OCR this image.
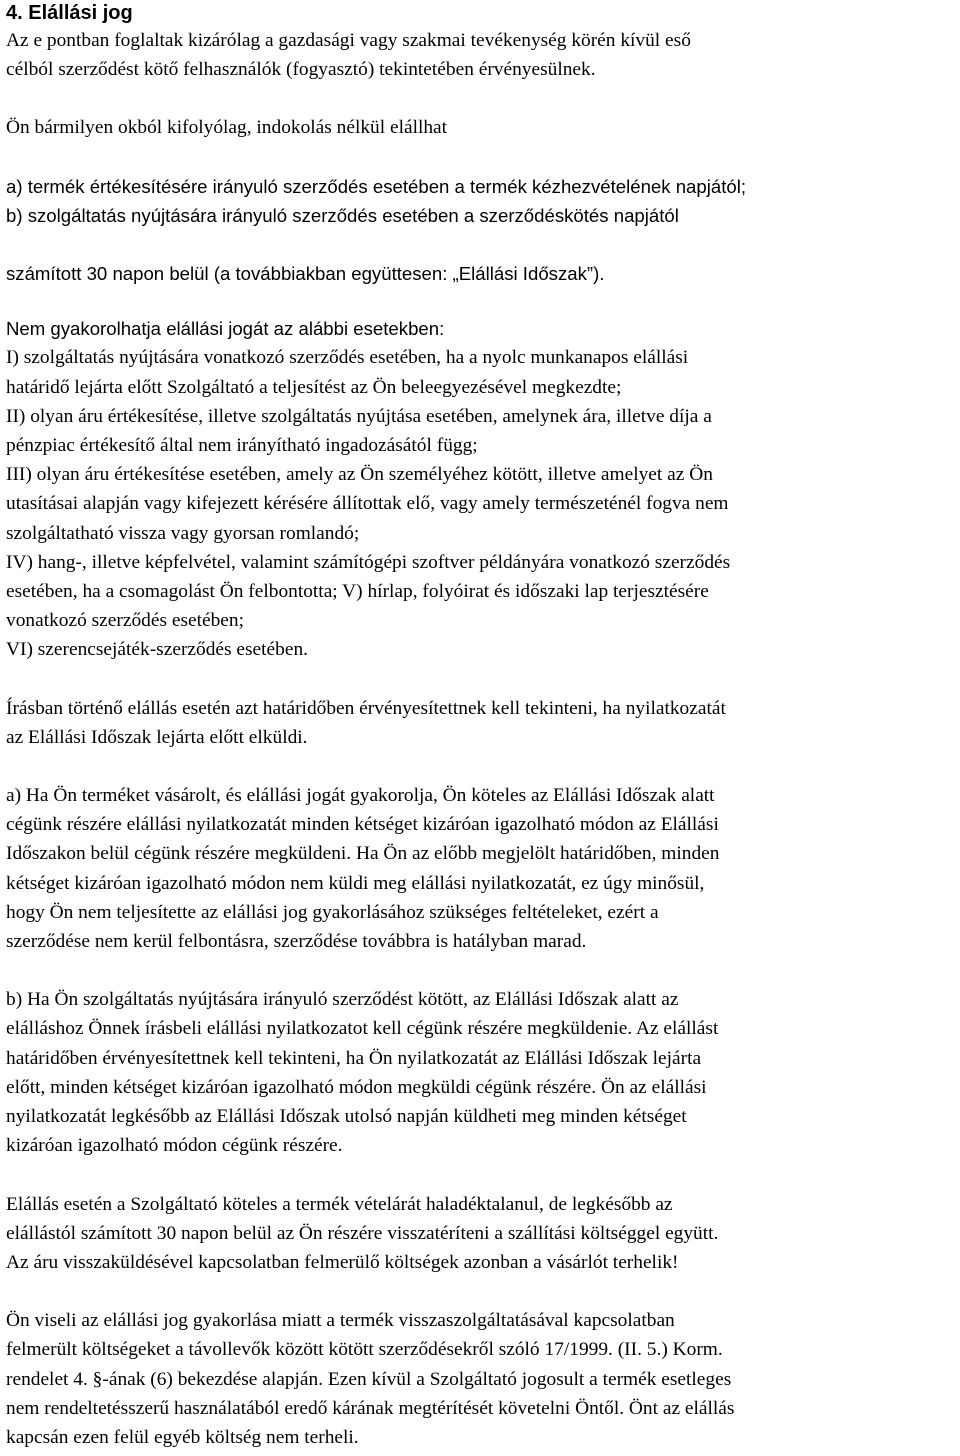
4. Elállási jog
Az e pontban foglaltak kizárólag a gazdasági vagy szakmai tevékenység körén kívül eső
célból szerződést kötő felhasználók (fogyasztó) tekintetében érvényesülnek.
Ön bármilyen okból kifolyólag, indokolás nélkül elállhat
a) termék értékesítésére irányuló szerződés esetében a termék kézhezvételének napjától;
b) szolgáltatás nyújtására irányuló szerződés esetében a szerződéskötés napjától
számított 30 napon belül (a továbbiakban együttesen: „Elállási Időszak”).
Nem gyakorolhatja elállási jogát az alábbi esetekben:
I) szolgáltatás nyújtására vonatkozó szerződés esetében, ha a nyolc munkanapos elállási
határidő lejárta előtt Szolgáltató a teljesítést az Ön beleegyezésével megkezdte;
II) olyan áru értékesítése, illetve szolgáltatás nyújtása esetében, amelynek ára, illetve díja a
pénzpiac értékesítő által nem irányítható ingadozásától függ;
III) olyan áru értékesítése esetében, amely az Ön személyéhez kötött, illetve amelyet az Ön
utasításai alapján vagy kifejezett kérésére állítottak elő, vagy amely természeténél fogva nem
szolgáltatható vissza vagy gyorsan romlandó;
IV) hang-, illetve képfelvétel, valamint számítógépi szoftver példányára vonatkozó szerződés
esetében, ha a csomagolást Ön felbontotta; V) hírlap, folyóirat és időszaki lap terjesztésére
vonatkozó szerződés esetében;
VI) szerencsejáték-szerződés esetében.
Írásban történő elállás esetén azt határidőben érvényesítettnek kell tekinteni, ha nyilatkozatát
az Elállási Időszak lejárta előtt elküldi.
a) Ha Ön terméket vásárolt, és elállási jogát gyakorolja, Ön köteles az Elállási Időszak alatt
cégünk részére elállási nyilatkozatát minden kétséget kizáróan igazolható módon az Elállási
Időszakon belül cégünk részére megküldeni. Ha Ön az előbb megjelölt határidőben, minden
kétséget kizáróan igazolható módon nem küldi meg elállási nyilatkozatát, ez úgy minősül,
hogy Ön nem teljesítette az elállási jog gyakorlásához szükséges feltételeket, ezért a
szerződése nem kerül felbontásra, szerződése továbbra is hatályban marad.
b) Ha Ön szolgáltatás nyújtására irányuló szerződést kötött, az Elállási Időszak alatt az
elálláshoz Önnek írásbeli elállási nyilatkozatot kell cégünk részére megküldenie. Az elállást
határidőben érvényesítettnek kell tekinteni, ha Ön nyilatkozatát az Elállási Időszak lejárta
előtt, minden kétséget kizáróan igazolható módon megküldi cégünk részére. Ön az elállási
nyilatkozatát legkésőbb az Elállási Időszak utolsó napján küldheti meg minden kétséget
kizáróan igazolható módon cégünk részére.
Elállás esetén a Szolgáltató köteles a termék vételárát haladéktalanul, de legkésőbb az
elállástól számított 30 napon belül az Ön részére visszatéríteni a szállítási költséggel együtt.
Az áru visszaküldésével kapcsolatban felmerülő költségek azonban a vásárlót terhelik!
Ön viseli az elállási jog gyakorlása miatt a termék visszaszolgáltatásával kapcsolatban
felmerült költségeket a távollevők között kötött szerződésekről szóló 17/1999. (II. 5.) Korm.
rendelet 4. §-ának (6) bekezdése alapján. Ezen kívül a Szolgáltató jogosult a termék esetleges
nem rendeltetésszerű használatából eredő kárának megtérítését követelni Öntől. Önt az elállás
kapcsán ezen felül egyéb költség nem terheli.
